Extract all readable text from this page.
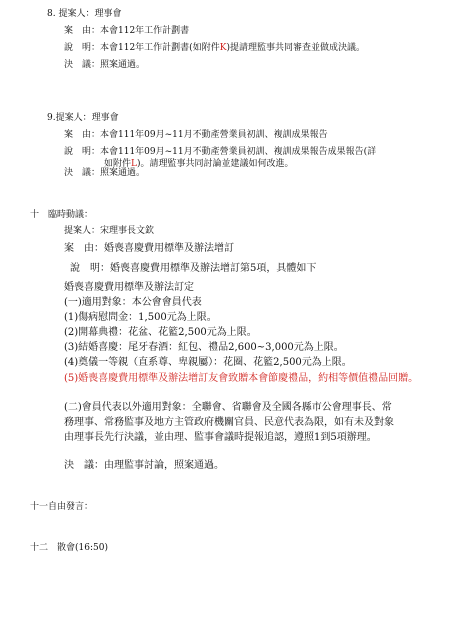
8. 提案人：理事會
案　由：本會112年工作計劃書
說　明：本會112年工作計劃書(如附件K)提請理監事共同審查並做成決議。
決　議：照案通過。
9.提案人：理事會
案　由：本會111年09月~11月不動產營業員初訓、複訓成果報告
說　明：本會111年09月~11月不動產營業員初訓、複訓成果報告成果報告(詳
如附件L)。請理監事共同討論並建議如何改進。
決　議：照案通過。
十　臨時動議：
提案人：宋理事長文欽
案　由：婚喪喜慶費用標準及辦法增訂
說　明：婚喪喜慶費用標準及辦法增訂第5項，具體如下
婚喪喜慶費用標準及辦法訂定
(一)適用對象：本公會會員代表
(1)傷病慰問金：1,500元為上限。
(2)開幕典禮：花盆、花籃2,500元為上限。
(3)結婚喜慶：尾牙春酒：紅包、禮品2,600~3,000元為上限。
(4)奠儀一等親（直系尊、卑親屬）：花圈、花籃2,500元為上限。
(5)婚喪喜慶費用標準及辦法增訂友會致贈本會節慶禮品，約相等價值禮品回贈。
(二)會員代表以外適用對象：全聯會、省聯會及全國各縣市公會理事長、常
務理事、常務監事及地方主管政府機關官員、民意代表為限，如有未及對象
由理事長先行決議，並由理、監事會議時提報追認，遵照1到5項辦理。
決　議：由理監事討論，照案通過。
十一自由發言：
十二　散會(16:50)
